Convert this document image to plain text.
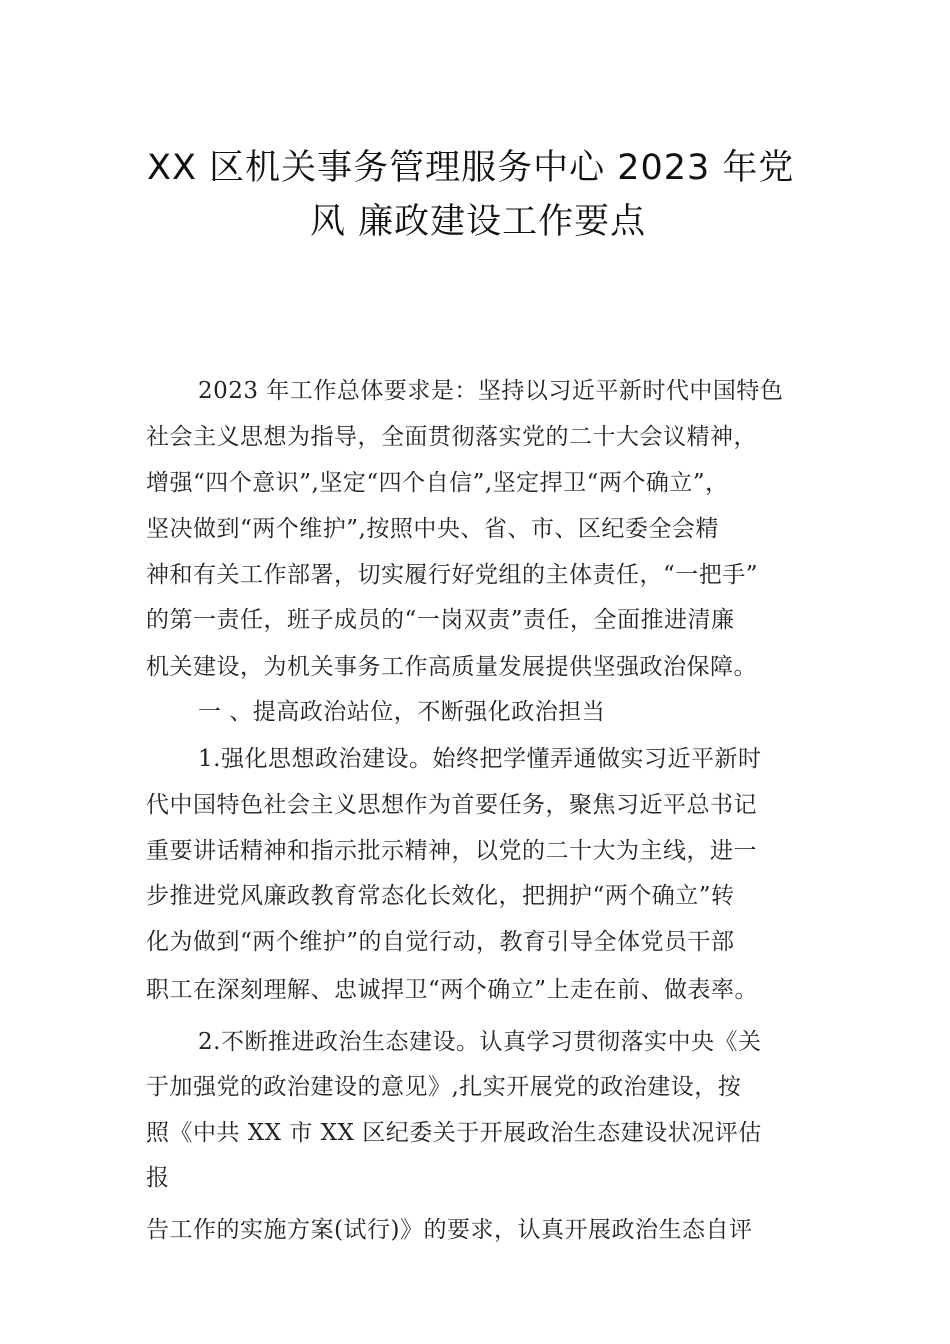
XX 区机关事务管理服务中心 2023 年党
风 廉政建设工作要点
2023 年工作总体要求是：坚持以习近平新时代中国特色
社会主义思想为指导，全面贯彻落实党的二十大会议精神，
增强“四个意识”,坚定“四个自信”,坚定捍卫“两个确立”，
坚决做到“两个维护”,按照中央、省、市、区纪委全会精
神和有关工作部署，切实履行好党组的主体责任，“一把手”
的第一责任，班子成员的“一岗双责”责任，全面推进清廉
机关建设，为机关事务工作高质量发展提供坚强政治保障。
一 、提高政治站位，不断强化政治担当
1.强化思想政治建设。始终把学懂弄通做实习近平新时
代中国特色社会主义思想作为首要任务，聚焦习近平总书记
重要讲话精神和指示批示精神，以党的二十大为主线，进一
步推进党风廉政教育常态化长效化，把拥护“两个确立”转
化为做到“两个维护”的自觉行动，教育引导全体党员干部
职工在深刻理解、忠诚捍卫“两个确立”上走在前、做表率。
2.不断推进政治生态建设。认真学习贯彻落实中央《关
于加强党的政治建设的意见》,扎实开展党的政治建设，按
照《中共 XX 市 XX 区纪委关于开展政治生态建设状况评估
报
告工作的实施方案(试行)》的要求，认真开展政治生态自评
